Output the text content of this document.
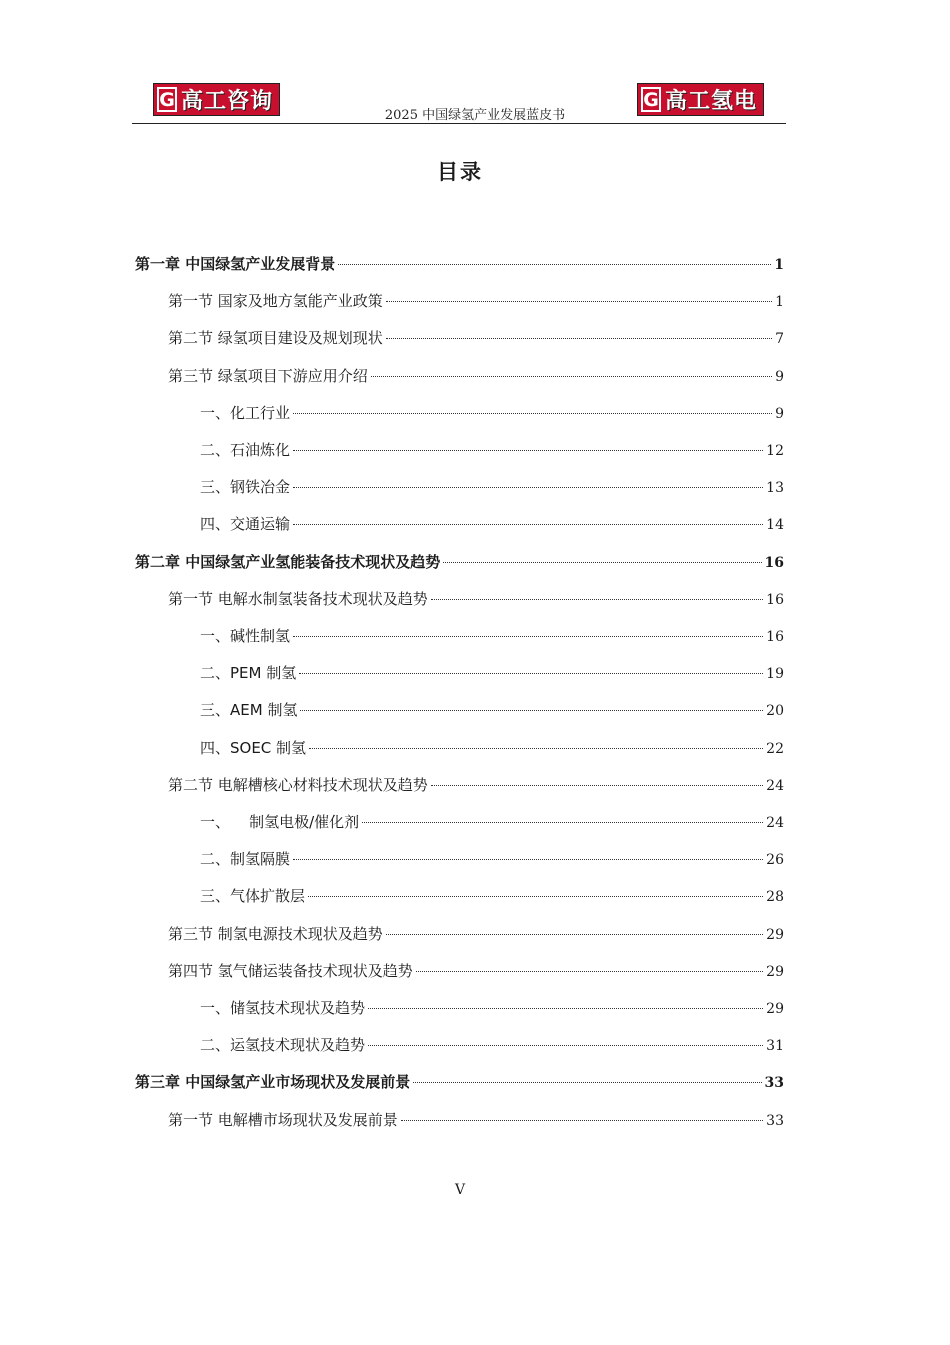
G 高工咨询
2025 中国绿氢产业发展蓝皮书
G 高工氢电
目录
第一章 中国绿氢产业发展背景	1
第一节 国家及地方氢能产业政策	1
第二节 绿氢项目建设及规划现状	7
第三节 绿氢项目下游应用介绍	9
一、化工行业	9
二、石油炼化	12
三、钢铁冶金	13
四、交通运输	14
第二章 中国绿氢产业氢能装备技术现状及趋势	16
第一节 电解水制氢装备技术现状及趋势	16
一、碱性制氢	16
二、PEM 制氢	19
三、AEM 制氢	20
四、SOEC 制氢	22
第二节 电解槽核心材料技术现状及趋势	24
一、    制氢电极/催化剂	24
二、制氢隔膜	26
三、气体扩散层	28
第三节 制氢电源技术现状及趋势	29
第四节 氢气储运装备技术现状及趋势	29
一、储氢技术现状及趋势	29
二、运氢技术现状及趋势	31
第三章 中国绿氢产业市场现状及发展前景	33
第一节 电解槽市场现状及发展前景	33
V
